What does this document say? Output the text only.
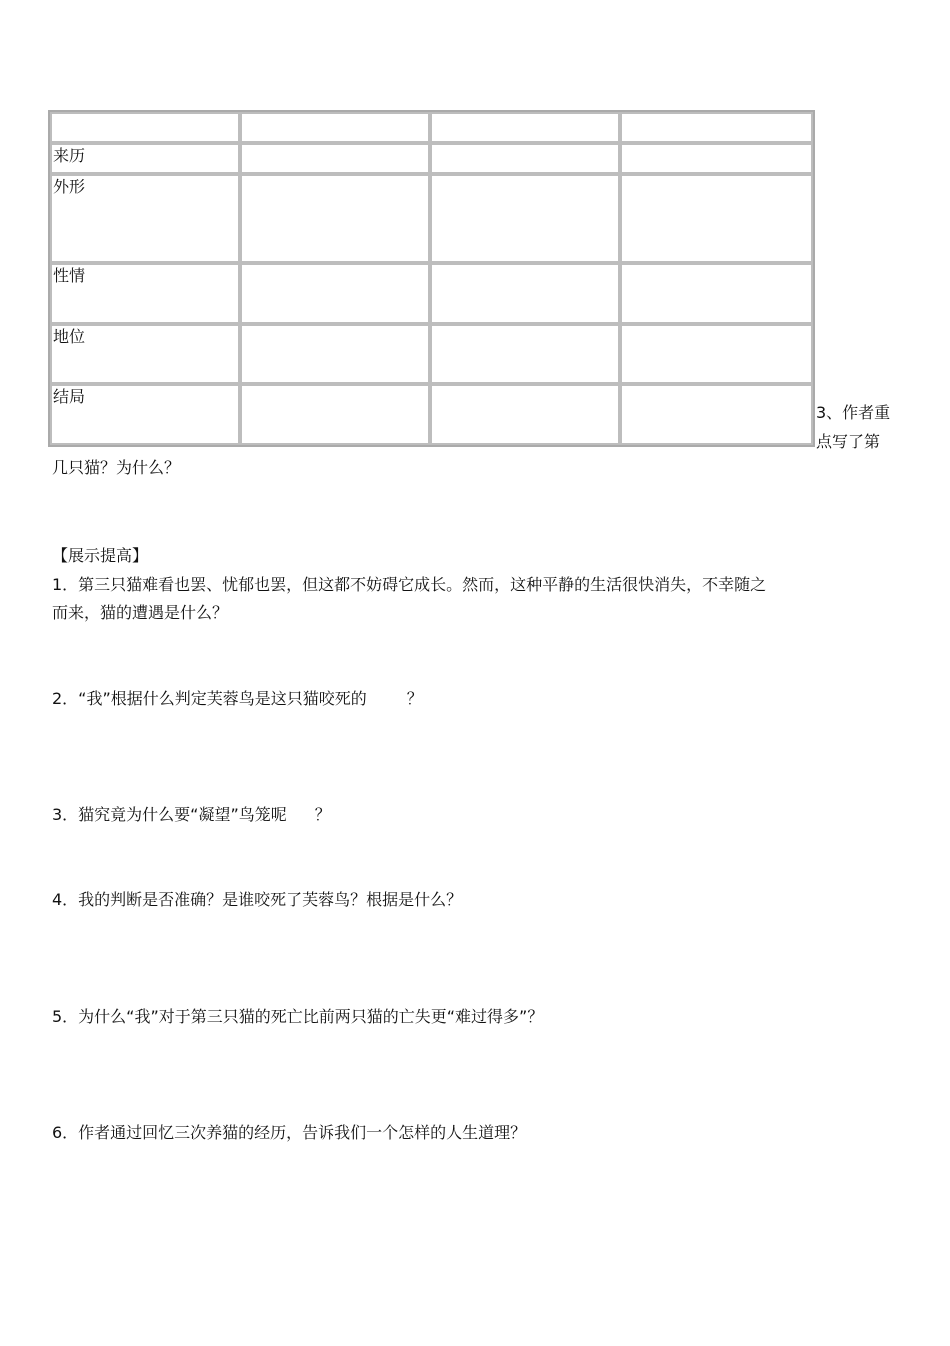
来历			
外形			
性情			
地位			
结局			
3、作者重
点写了第
几只猫？为什么？
【展示提高】
1．第三只猫难看也罢、忧郁也罢，但这都不妨碍它成长。然而，这种平静的生活很快消失，不幸随之
而来，猫的遭遇是什么？
2．“我”根据什么判定芙蓉鸟是这只猫咬死的	？
3．猫究竟为什么要“凝望”鸟笼呢 ？
4．我的判断是否准确？是谁咬死了芙蓉鸟？根据是什么？
5．为什么“我”对于第三只猫的死亡比前两只猫的亡失更“难过得多”？
6．作者通过回忆三次养猫的经历，告诉我们一个怎样的人生道理？
